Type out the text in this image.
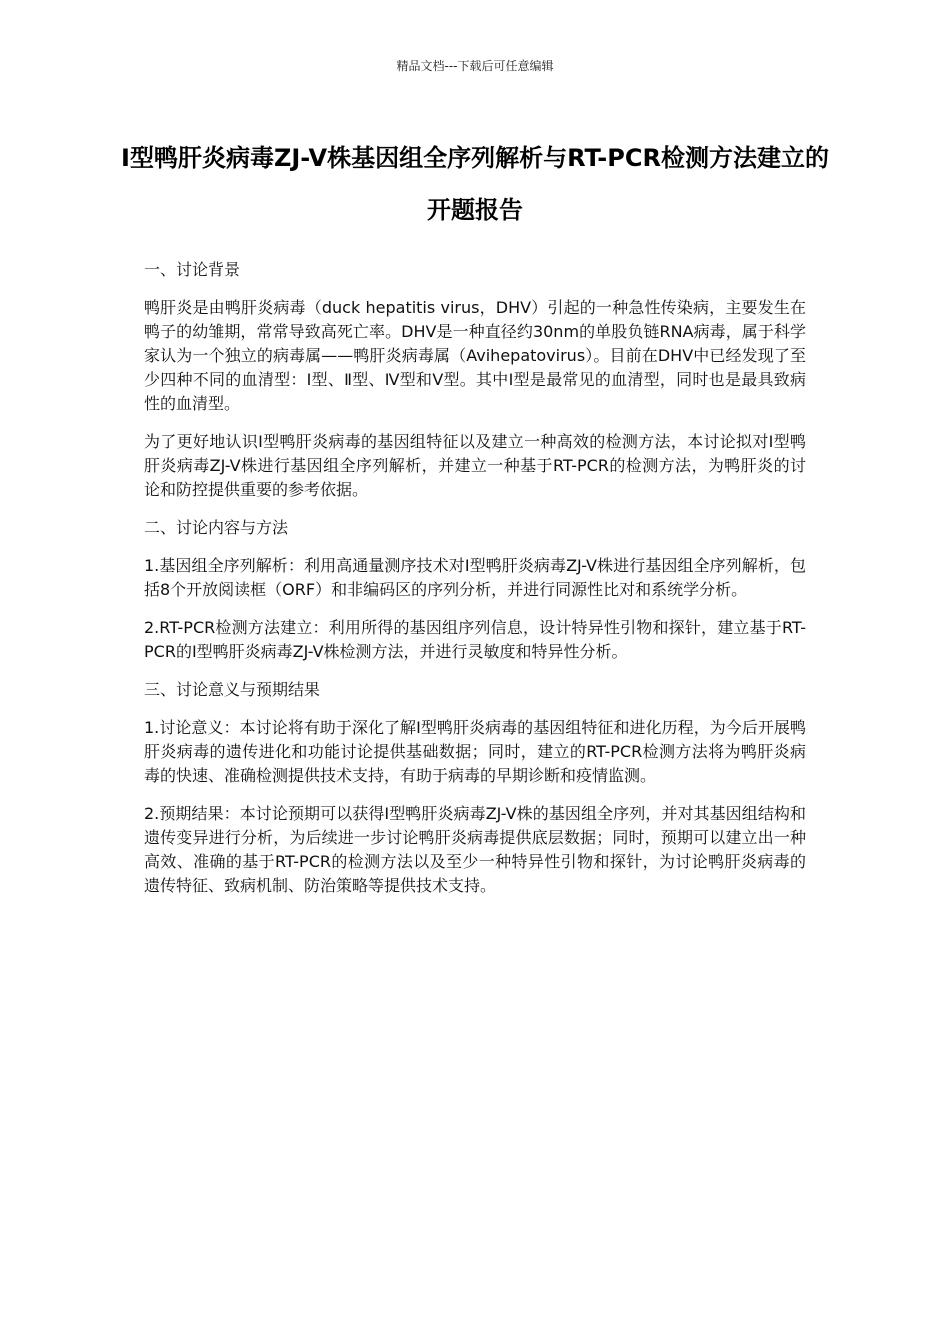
精品文档---下载后可任意编辑
Ⅰ型鸭肝炎病毒ZJ-V株基因组全序列解析与RT-PCR检测方法建立的开题报告
一、讨论背景

鸭肝炎是由鸭肝炎病毒（duck hepatitis virus，DHV）引起的一种急性传染病，主要发生在鸭子的幼雏期，常常导致高死亡率。DHV是一种直径约30nm的单股负链RNA病毒，属于科学家认为一个独立的病毒属——鸭肝炎病毒属（Avihepatovirus）。目前在DHV中已经发现了至少四种不同的血清型：Ⅰ型、Ⅱ型、Ⅳ型和Ⅴ型。其中Ⅰ型是最常见的血清型，同时也是最具致病性的血清型。

为了更好地认识Ⅰ型鸭肝炎病毒的基因组特征以及建立一种高效的检测方法，本讨论拟对Ⅰ型鸭肝炎病毒ZJ-V株进行基因组全序列解析，并建立一种基于RT-PCR的检测方法，为鸭肝炎的讨论和防控提供重要的参考依据。

二、讨论内容与方法

1.基因组全序列解析：利用高通量测序技术对Ⅰ型鸭肝炎病毒ZJ-V株进行基因组全序列解析，包括8个开放阅读框（ORF）和非编码区的序列分析，并进行同源性比对和系统学分析。

2.RT-PCR检测方法建立：利用所得的基因组序列信息，设计特异性引物和探针，建立基于RT-PCR的Ⅰ型鸭肝炎病毒ZJ-V株检测方法，并进行灵敏度和特异性分析。

三、讨论意义与预期结果

1.讨论意义：本讨论将有助于深化了解Ⅰ型鸭肝炎病毒的基因组特征和进化历程，为今后开展鸭肝炎病毒的遗传进化和功能讨论提供基础数据；同时，建立的RT-PCR检测方法将为鸭肝炎病毒的快速、准确检测提供技术支持，有助于病毒的早期诊断和疫情监测。

2.预期结果：本讨论预期可以获得Ⅰ型鸭肝炎病毒ZJ-V株的基因组全序列，并对其基因组结构和遗传变异进行分析，为后续进一步讨论鸭肝炎病毒提供底层数据；同时，预期可以建立出一种高效、准确的基于RT-PCR的检测方法以及至少一种特异性引物和探针，为讨论鸭肝炎病毒的遗传特征、致病机制、防治策略等提供技术支持。
